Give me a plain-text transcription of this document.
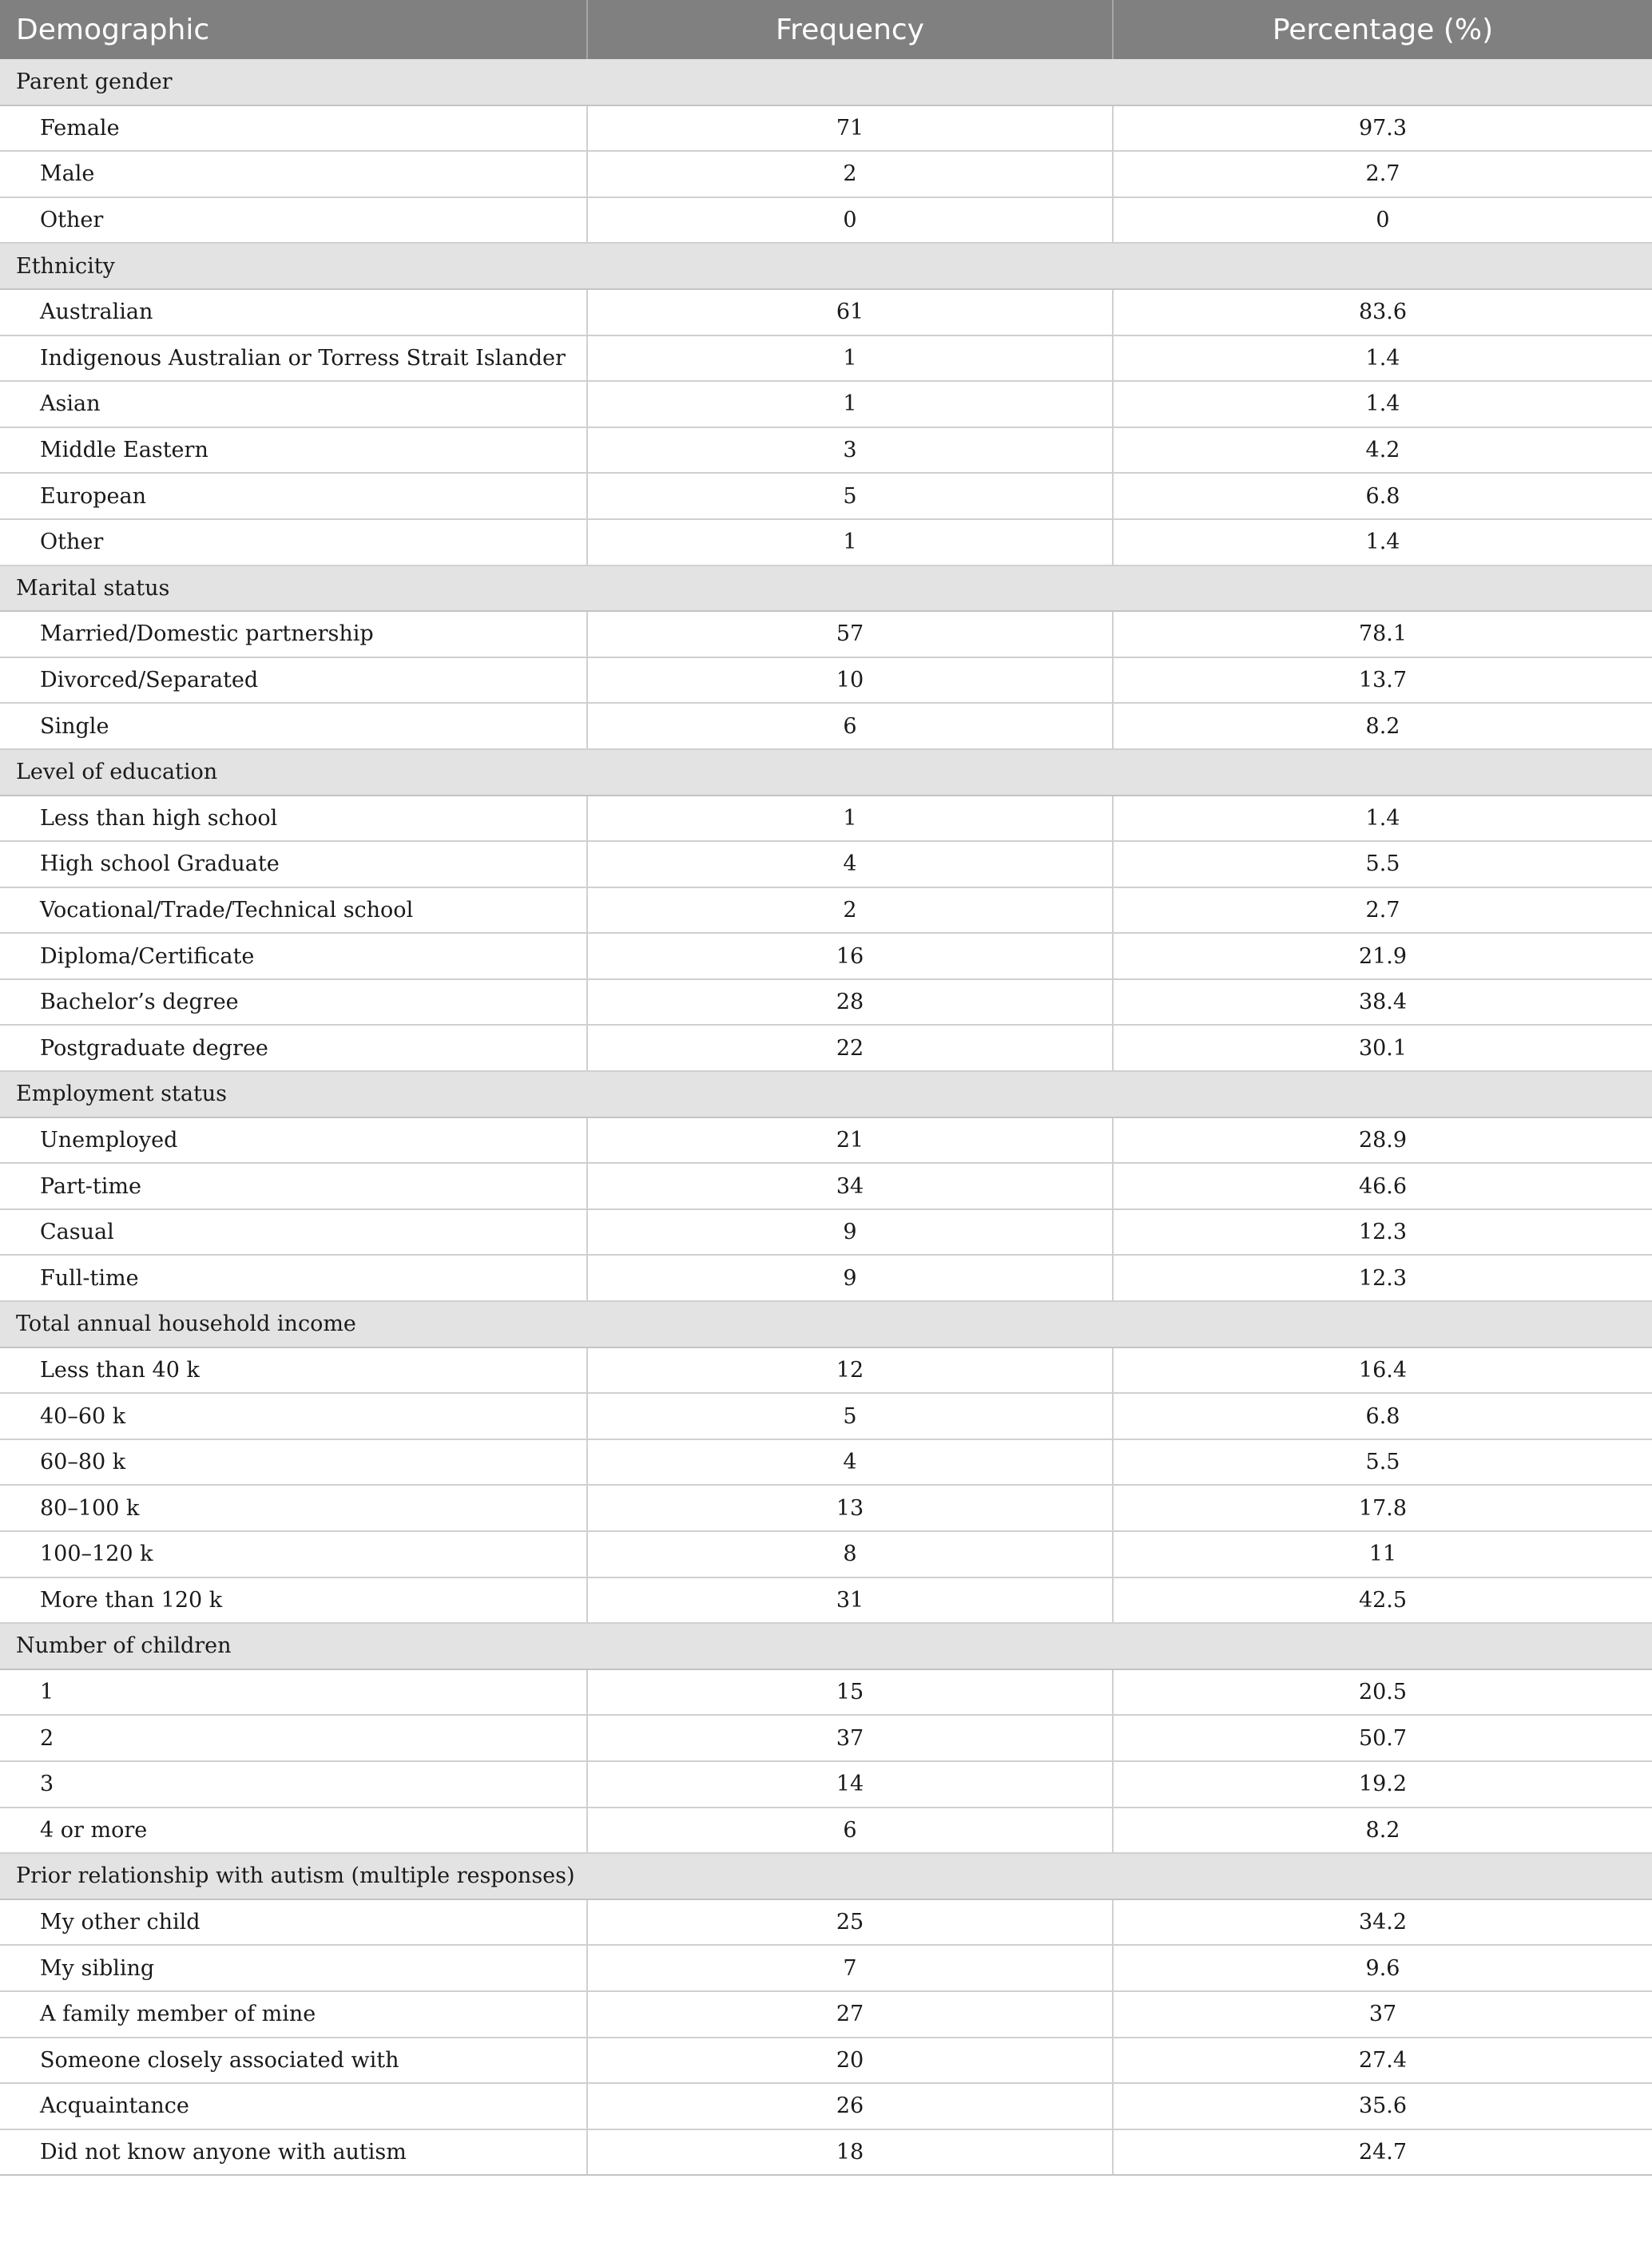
Demographic	Frequency	Percentage (%)
Parent gender		
Female	71	97.3
Male	2	2.7
Other	0	0
Ethnicity		
Australian	61	83.6
Indigenous Australian or Torress Strait Islander	1	1.4
Asian	1	1.4
Middle Eastern	3	4.2
European	5	6.8
Other	1	1.4
Marital status		
Married/Domestic partnership	57	78.1
Divorced/Separated	10	13.7
Single	6	8.2
Level of education		
Less than high school	1	1.4
High school Graduate	4	5.5
Vocational/Trade/Technical school	2	2.7
Diploma/Certificate	16	21.9
Bachelor’s degree	28	38.4
Postgraduate degree	22	30.1
Employment status		
Unemployed	21	28.9
Part-time	34	46.6
Casual	9	12.3
Full-time	9	12.3
Total annual household income		
Less than 40 k	12	16.4
40–60 k	5	6.8
60–80 k	4	5.5
80–100 k	13	17.8
100–120 k	8	11
More than 120 k	31	42.5
Number of children		
1	15	20.5
2	37	50.7
3	14	19.2
4 or more	6	8.2
Prior relationship with autism (multiple responses)		
My other child	25	34.2
My sibling	7	9.6
A family member of mine	27	37
Someone closely associated with	20	27.4
Acquaintance	26	35.6
Did not know anyone with autism	18	24.7
